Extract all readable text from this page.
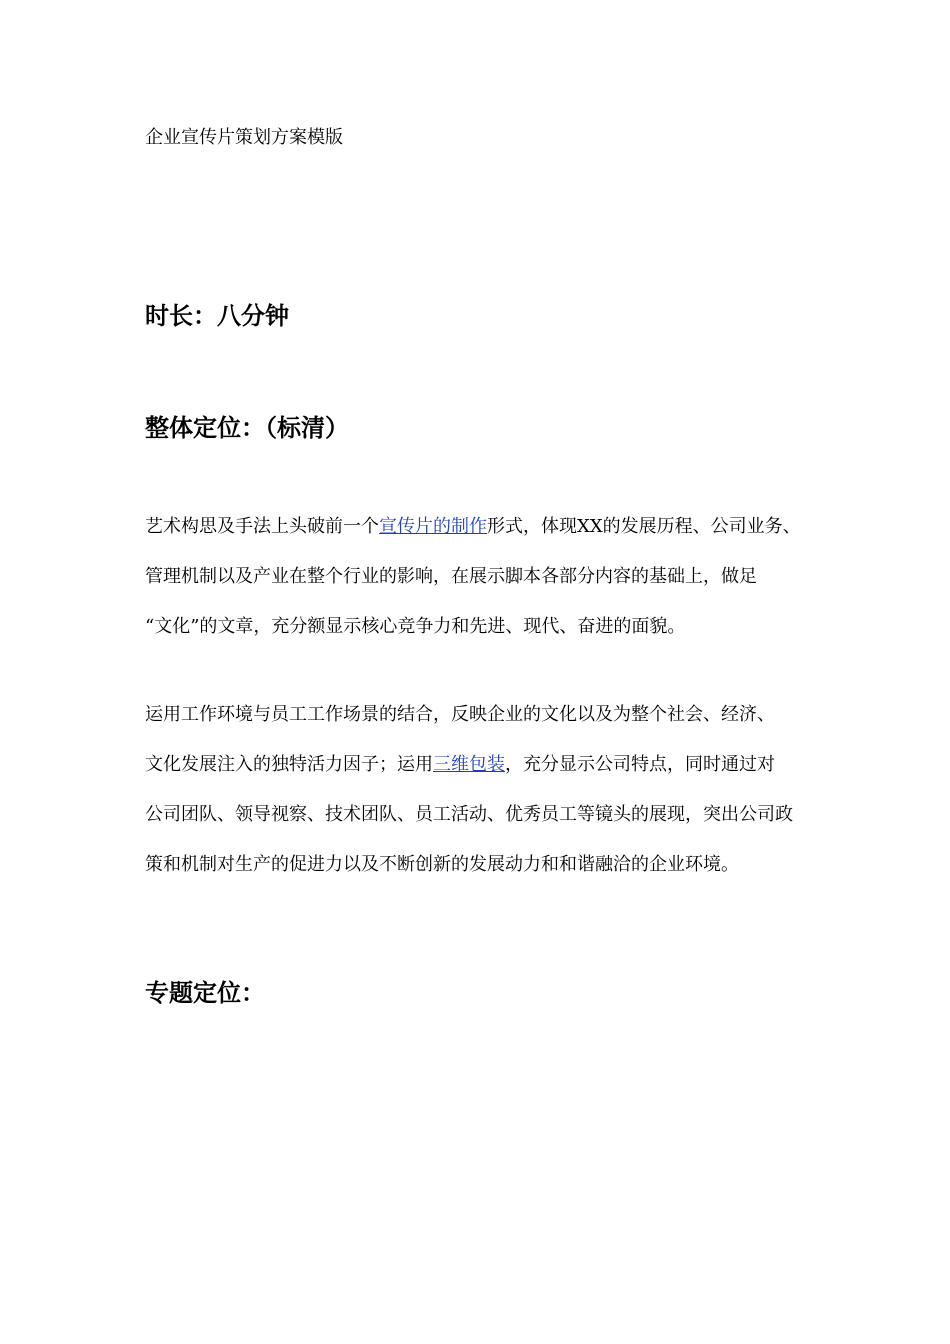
企业宣传片策划方案模版
时长：八分钟
整体定位：（标清）
艺术构思及手法上头破前一个宣传片的制作形式，体现XX的发展历程、公司业务、
管理机制以及产业在整个行业的影响，在展示脚本各部分内容的基础上，做足
“文化”的文章，充分额显示核心竞争力和先进、现代、奋进的面貌。
运用工作环境与员工工作场景的结合，反映企业的文化以及为整个社会、经济、
文化发展注入的独特活力因子；运用三维包装，充分显示公司特点，同时通过对
公司团队、领导视察、技术团队、员工活动、优秀员工等镜头的展现，突出公司政
策和机制对生产的促进力以及不断创新的发展动力和和谐融洽的企业环境。
专题定位：
